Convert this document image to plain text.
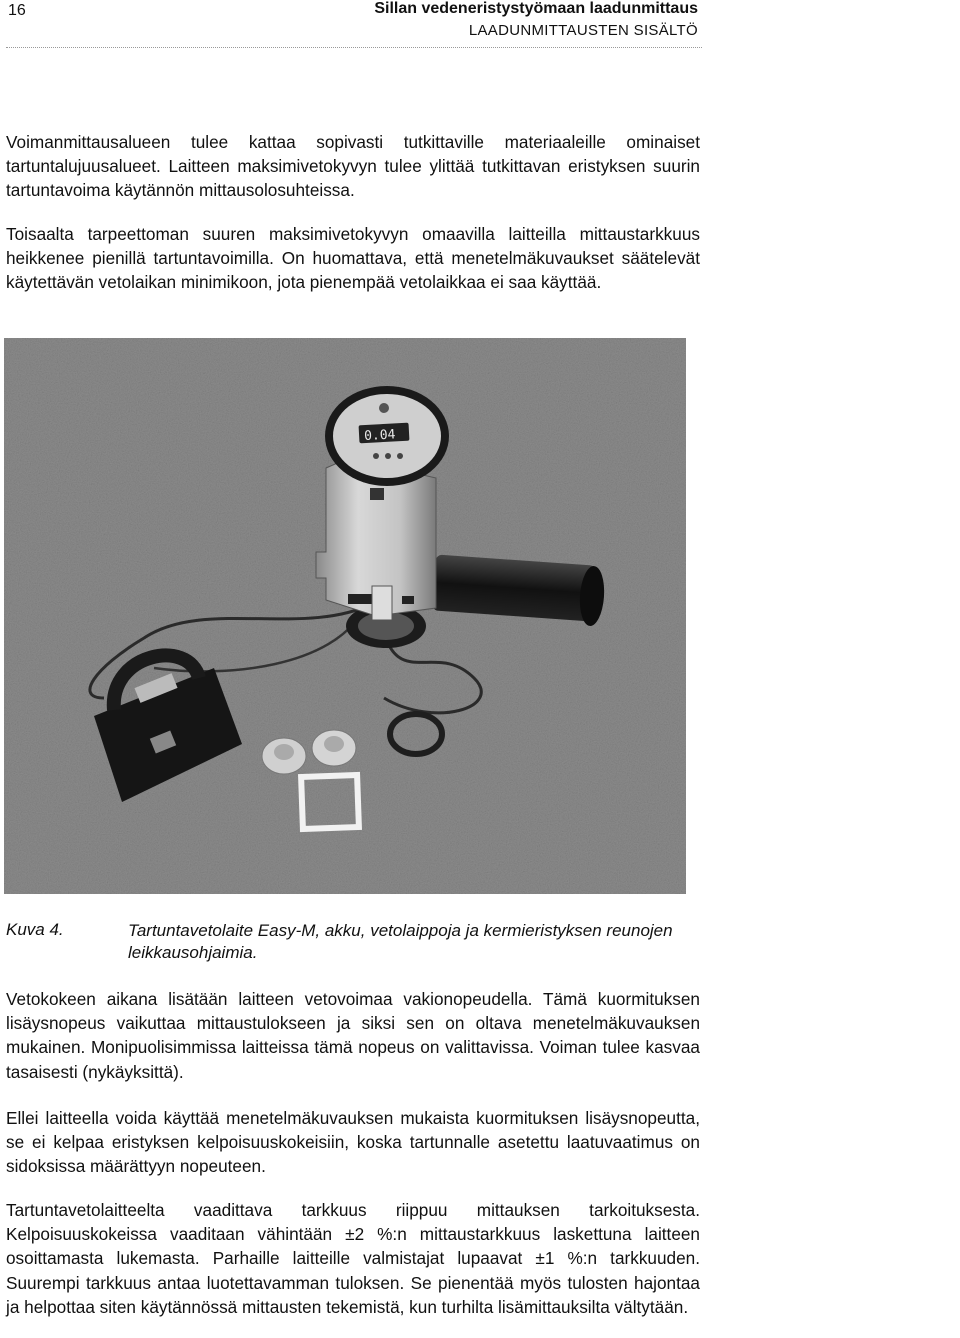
16	Sillan vedeneristystyömaan laadunmittaus
LAADUNMITTAUSTEN SISÄLTÖ

Voimanmittausalueen tulee kattaa sopivasti tutkittaville materiaaleille ominaiset tartuntalujuusalueet. Laitteen maksimivetokyvyn tulee ylittää tutkittavan eristyksen suurin tartuntavoima käytännön mittausolosuhteissa.

Toisaalta tarpeettoman suuren maksimivetokyvyn omaavilla laitteilla mittaustarkkuus heikkenee pienillä tartuntavoimilla. On huomattava, että menetelmäkuvaukset säätelevät käytettävän vetolaikan minimikoon, jota pienempää vetolaikkaa ei saa käyttää.

0.04
Kuva 4.	Tartuntavetolaite Easy-M, akku, vetolaippoja ja kermieristyksen reunojen leikkausohjaimia.

Vetokokeen aikana lisätään laitteen vetovoimaa vakionopeudella. Tämä kuormituksen lisäysnopeus vaikuttaa mittaustulokseen ja siksi sen on oltava menetelmäkuvauksen mukainen. Monipuolisimmissa laitteissa tämä nopeus on valittavissa. Voiman tulee kasvaa tasaisesti (nykäyksittä).

Ellei laitteella voida käyttää menetelmäkuvauksen mukaista kuormituksen lisäysnopeutta, se ei kelpaa eristyksen kelpoisuuskokeisiin, koska tartunnalle asetettu laatuvaatimus on sidoksissa määrättyyn nopeuteen.

Tartuntavetolaitteelta vaadittava tarkkuus riippuu mittauksen tarkoituksesta. Kelpoisuuskokeissa vaaditaan vähintään ±2 %:n mittaustarkkuus laskettuna laitteen osoittamasta lukemasta. Parhaille laitteille valmistajat lupaavat ±1 %:n tarkkuuden. Suurempi tarkkuus antaa luotettavamman tuloksen. Se pienentää myös tulosten hajontaa ja helpottaa siten käytännössä mittausten tekemistä, kun turhilta lisämittauksilta vältytään.
